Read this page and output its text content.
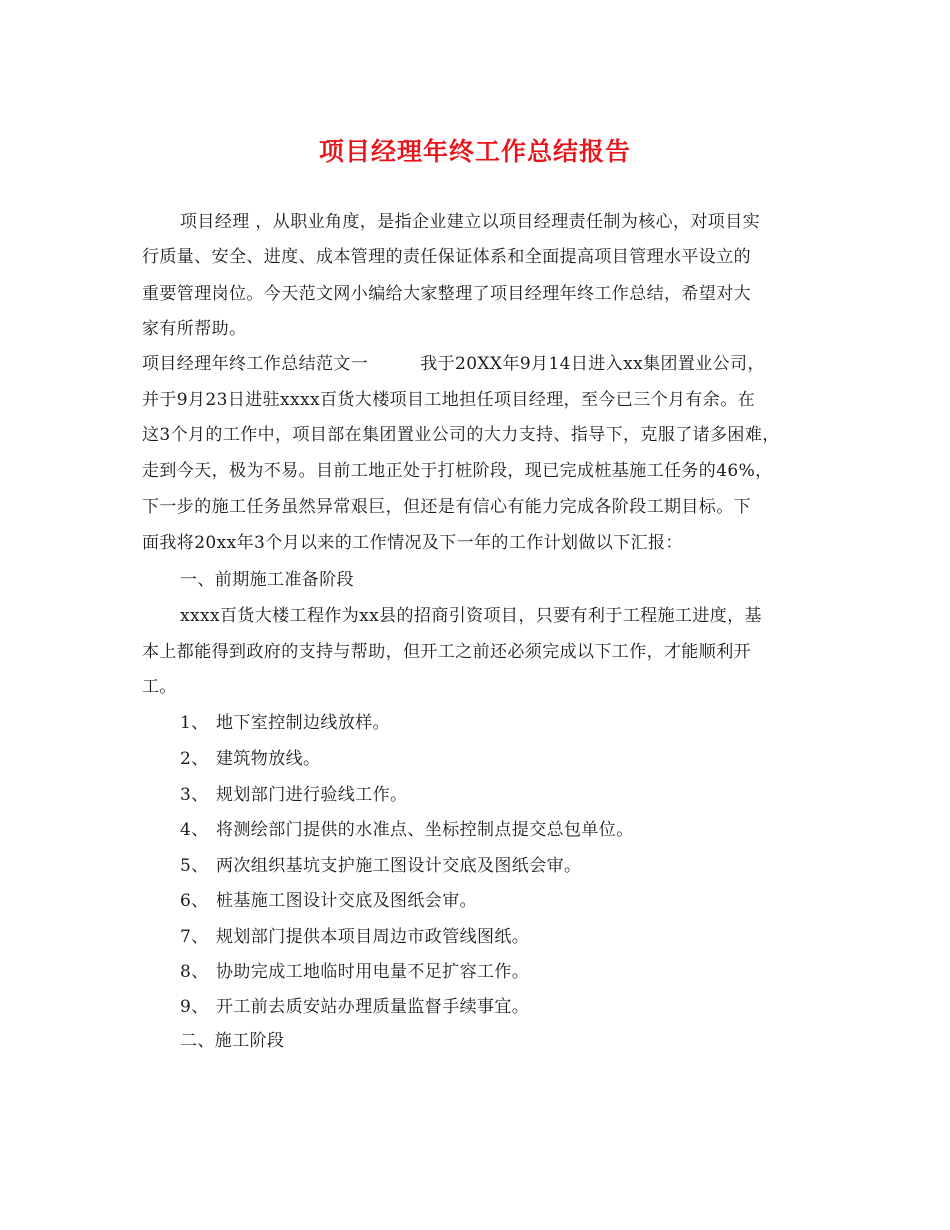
项目经理年终工作总结报告
项目经理 ，从职业角度，是指企业建立以项目经理责任制为核心，对项目实
行质量、安全、进度、成本管理的责任保证体系和全面提高项目管理水平设立的
重要管理岗位。今天范文网小编给大家整理了项目经理年终工作总结，希望对大
家有所帮助。
项目经理年终工作总结范文一	我于20XX年9月14日进入xx集团置业公司，
并于9月23日进驻xxxx百货大楼项目工地担任项目经理，至今已三个月有余。在
这3个月的工作中，项目部在集团置业公司的大力支持、指导下，克服了诸多困难，
走到今天，极为不易。目前工地正处于打桩阶段，现已完成桩基施工任务的46%，
下一步的施工任务虽然异常艰巨，但还是有信心有能力完成各阶段工期目标。下
面我将20xx年3个月以来的工作情况及下一年的工作计划做以下汇报：
一、前期施工准备阶段
xxxx百货大楼工程作为xx县的招商引资项目，只要有利于工程施工进度，基
本上都能得到政府的支持与帮助，但开工之前还必须完成以下工作，才能顺利开
工。
1、 地下室控制边线放样。
2、 建筑物放线。
3、 规划部门进行验线工作。
4、 将测绘部门提供的水准点、坐标控制点提交总包单位。
5、 两次组织基坑支护施工图设计交底及图纸会审。
6、 桩基施工图设计交底及图纸会审。
7、 规划部门提供本项目周边市政管线图纸。
8、 协助完成工地临时用电量不足扩容工作。
9、 开工前去质安站办理质量监督手续事宜。
二、施工阶段
